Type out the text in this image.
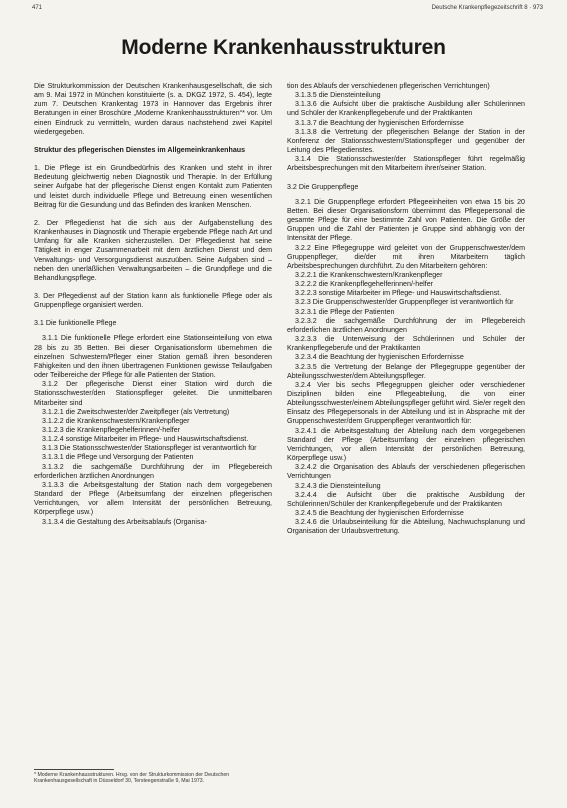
471	Deutsche Krankenpflegezeitschrift 8 · 973
Moderne Krankenhausstrukturen

Die Strukturkommission der Deutschen Krankenhausgesellschaft, die sich am 9. Mai 1972 in München konstituierte (s. a. DKGZ 1972, S. 454), legte zum 7. Deutschen Krankentag 1973 in Hannover das Ergebnis ihrer Beratungen in einer Broschüre „Moderne Krankenhausstrukturen“* vor. Um einen Eindruck zu vermitteln, wurden daraus nachstehend zwei Kapitel wiedergegeben.

Struktur des pflegerischen Dienstes im Allgemeinkrankenhaus

1. Die Pflege ist ein Grundbedürfnis des Kranken und steht in ihrer Bedeutung gleichwertig neben Diagnostik und Therapie. In der Erfüllung seiner Aufgabe hat der pflegerische Dienst engen Kontakt zum Patienten und leistet durch individuelle Pflege und Betreuung einen wesentlichen Beitrag für die Gesundung und das Befinden des kranken Menschen.

2. Der Pflegedienst hat die sich aus der Aufgabenstellung des Krankenhauses in Diagnostik und Therapie ergebende Pflege nach Art und Umfang für alle Kranken sicherzustellen. Der Pflegedienst hat seine Tätigkeit in enger Zusammenarbeit mit dem ärztlichen Dienst und dem Verwaltungs- und Versorgungsdienst auszuüben. Seine Aufgaben sind – neben den unerläßlichen Verwaltungsarbeiten – die Grundpflege und die Behandlungspflege.

3. Der Pflegedienst auf der Station kann als funktionelle Pflege oder als Gruppenpflege organisiert werden.

3.1 Die funktionelle Pflege

3.1.1 Die funktionelle Pflege erfordert eine Stationseinteilung von etwa 28 bis zu 35 Betten. Bei dieser Organisationsform übernehmen die einzelnen Schwestern/Pfleger einer Station gemäß ihren besonderen Fähigkeiten und den ihnen übertragenen Funktionen gewisse Teilaufgaben oder Teilbereiche der Pflege für alle Patienten der Station.

3.1.2 Der pflegerische Dienst einer Station wird durch die Stationsschwester/den Stationspfleger geleitet. Die unmittelbaren Mitarbeiter sind

3.1.2.1 die Zweitschwester/der Zweitpfleger (als Vertretung)

3.1.2.2 die Krankenschwestern/Krankenpfleger

3.1.2.3 die Krankenpflegehelferinnen/-helfer

3.1.2.4 sonstige Mitarbeiter im Pflege- und Hauswirtschaftsdienst.

3.1.3 Die Stationsschwester/der Stationspfleger ist verantwortlich für

3.1.3.1 die Pflege und Versorgung der Patienten

3.1.3.2 die sachgemäße Durchführung der im Pflegebereich erforderlichen ärztlichen Anordnungen

3.1.3.3 die Arbeitsgestaltung der Station nach dem vorgegebenen Standard der Pflege (Arbeitsumfang der einzelnen pflegerischen Verrichtungen, vor allem Intensität der persönlichen Betreuung, Körperpflege usw.)

3.1.3.4 die Gestaltung des Arbeitsablaufs (Organisa-

tion des Ablaufs der verschiedenen pflegerischen Verrichtungen)

3.1.3.5 die Diensteinteilung

3.1.3.6 die Aufsicht über die praktische Ausbildung aller Schülerinnen und Schüler der Krankenpflegeberufe und der Praktikanten

3.1.3.7 die Beachtung der hygienischen Erfordernisse

3.1.3.8 die Vertretung der pflegerischen Belange der Station in der Konferenz der Stationsschwestern/Stationspfleger und gegenüber der Leitung des Pflegedienstes.

3.1.4 Die Stationsschwester/der Stationspfleger führt regelmäßig Arbeitsbesprechungen mit den Mitarbeitern ihrer/seiner Station.

3.2 Die Gruppenpflege

3.2.1 Die Gruppenpflege erfordert Pflegeeinheiten von etwa 15 bis 20 Betten. Bei dieser Organisationsform übernimmt das Pflegepersonal die gesamte Pflege für eine bestimmte Zahl von Patienten. Die Größe der Gruppen und die Zahl der Patienten je Gruppe sind abhängig von der Intensität der Pflege.

3.2.2 Eine Pflegegruppe wird geleitet von der Gruppenschwester/dem Gruppenpfleger, die/der mit ihren Mitarbeitern täglich Arbeitsbesprechungen durchführt. Zu den Mitarbeitern gehören:

3.2.2.1 die Krankenschwestern/Krankenpfleger

3.2.2.2 die Krankenpflegehelferinnen/-helfer

3.2.2.3 sonstige Mitarbeiter im Pflege- und Hauswirtschaftsdienst.

3.2.3 Die Gruppenschwester/der Gruppenpfleger ist verantwortlich für

3.2.3.1 die Pflege der Patienten

3.2.3.2 die sachgemäße Durchführung der im Pflegebereich erforderlichen ärztlichen Anordnungen

3.2.3.3 die Unterweisung der Schülerinnen und Schüler der Krankenpflegeberufe und der Praktikanten

3.2.3.4 die Beachtung der hygienischen Erfordernisse

3.2.3.5 die Vertretung der Belange der Pflegegruppe gegenüber der Abteilungsschwester/dem Abteilungspfleger.

3.2.4 Vier bis sechs Pflegegruppen gleicher oder verschiedener Disziplinen bilden eine Pflegeabteilung, die von einer Abteilungsschwester/einem Abteilungspfleger geführt wird. Sie/er regelt den Einsatz des Pflegepersonals in der Abteilung und ist in Absprache mit der Gruppenschwester/dem Gruppenpfleger verantwortlich für:

3.2.4.1 die Arbeitsgestaltung der Abteilung nach dem vorgegebenen Standard der Pflege (Arbeitsumfang der einzelnen pflegerischen Verrichtungen, vor allem Intensität der persönlichen Betreuung, Körperpflege usw.)

3.2.4.2 die Organisation des Ablaufs der verschiedenen pflegerischen Verrichtungen

3.2.4.3 die Diensteinteilung

3.2.4.4 die Aufsicht über die praktische Ausbildung der Schülerinnen/Schüler der Krankenpflegeberufe und der Praktikanten

3.2.4.5 die Beachtung der hygienischen Erfordernisse

3.2.4.6 die Urlaubseinteilung für die Abteilung, Nachwuchsplanung und Organisation der Urlaubsvertretung.

* Moderne Krankenhausstrukturen. Hrsg. von der Strukturkommission der Deutschen Krankenhausgesellschaft in Düsseldorf 30, Tersteegenstraße 9, Mai 1973.
